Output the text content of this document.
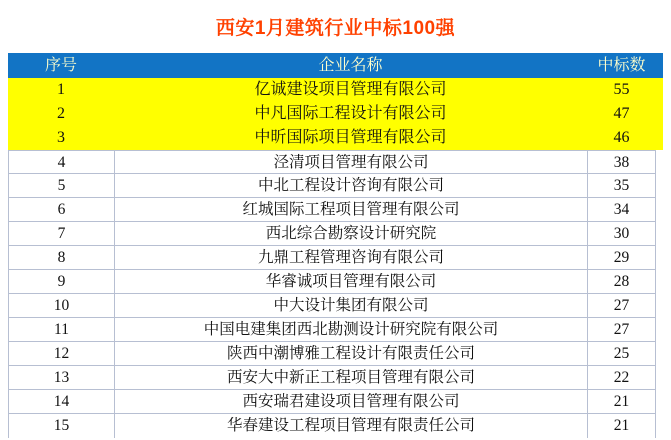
西安1月建筑行业中标100强
序号	企业名称	中标数
1	亿诚建设项目管理有限公司	55
2	中凡国际工程设计有限公司	47
3	中昕国际项目管理有限公司	46
4	泾清项目管理有限公司	38
5	中北工程设计咨询有限公司	35
6	红城国际工程项目管理有限公司	34
7	西北综合勘察设计研究院	30
8	九鼎工程管理咨询有限公司	29
9	华睿诚项目管理有限公司	28
10	中大设计集团有限公司	27
11	中国电建集团西北勘测设计研究院有限公司	27
12	陕西中潮博雅工程设计有限责任公司	25
13	西安大中新正工程项目管理有限公司	22
14	西安瑞君建设项目管理有限公司	21
15	华春建设工程项目管理有限责任公司	21
